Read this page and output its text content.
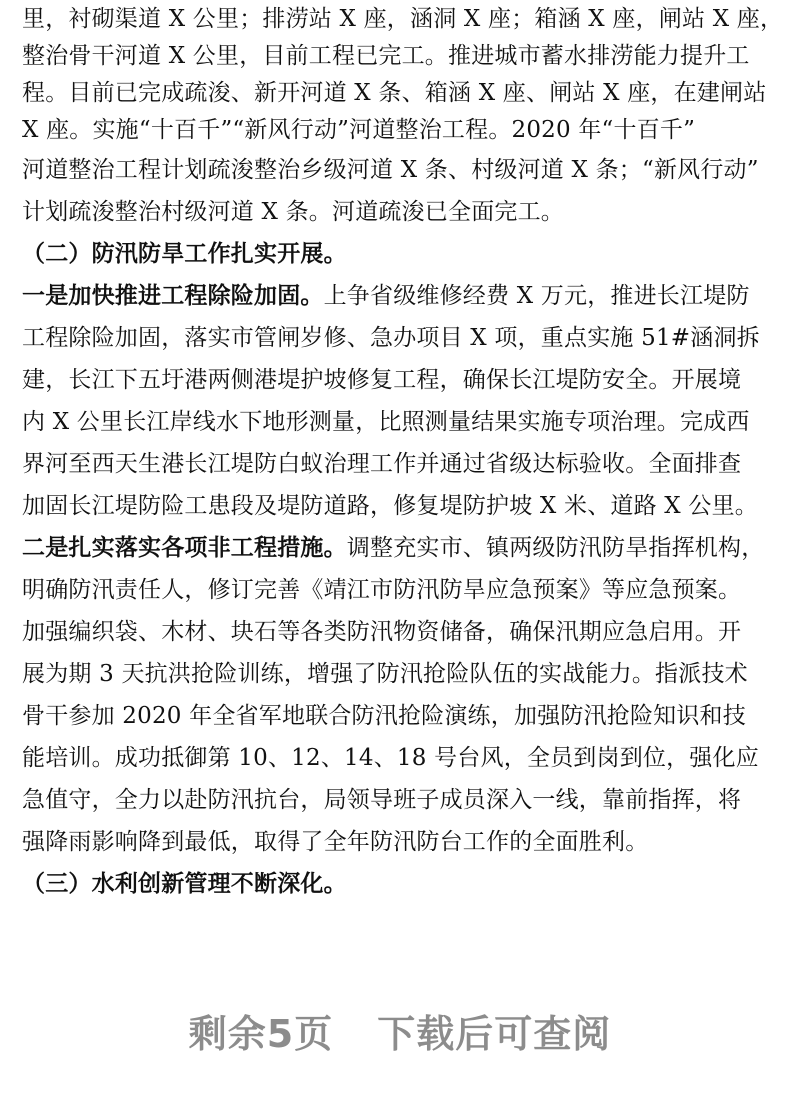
里，衬砌渠道 X 公里；排涝站 X 座，涵洞 X 座；箱涵 X 座，闸站 X 座，
整治骨干河道 X 公里，目前工程已完工。推进城市蓄水排涝能力提升工
程。目前已完成疏浚、新开河道 X 条、箱涵 X 座、闸站 X 座，在建闸站
X 座。实施“十百千”“新风行动”河道整治工程。2020 年“十百千”
河道整治工程计划疏浚整治乡级河道 X 条、村级河道 X 条；“新风行动”
计划疏浚整治村级河道 X 条。河道疏浚已全面完工。
（二）防汛防旱工作扎实开展。
一是加快推进工程除险加固。上争省级维修经费 X 万元，推进长江堤防
工程除险加固，落实市管闸岁修、急办项目 X 项，重点实施 51#涵洞拆
建，长江下五圩港两侧港堤护坡修复工程，确保长江堤防安全。开展境
内 X 公里长江岸线水下地形测量，比照测量结果实施专项治理。完成西
界河至西天生港长江堤防白蚁治理工作并通过省级达标验收。全面排查
加固长江堤防险工患段及堤防道路，修复堤防护坡 X 米、道路 X 公里。
二是扎实落实各项非工程措施。调整充实市、镇两级防汛防旱指挥机构，
明确防汛责任人，修订完善《靖江市防汛防旱应急预案》等应急预案。
加强编织袋、木材、块石等各类防汛物资储备，确保汛期应急启用。开
展为期 3 天抗洪抢险训练，增强了防汛抢险队伍的实战能力。指派技术
骨干参加 2020 年全省军地联合防汛抢险演练，加强防汛抢险知识和技
能培训。成功抵御第 10、12、14、18 号台风，全员到岗到位，强化应
急值守，全力以赴防汛抗台，局领导班子成员深入一线，靠前指挥，将
强降雨影响降到最低，取得了全年防汛防台工作的全面胜利。
（三）水利创新管理不断深化。
剩余5页 下载后可查阅
